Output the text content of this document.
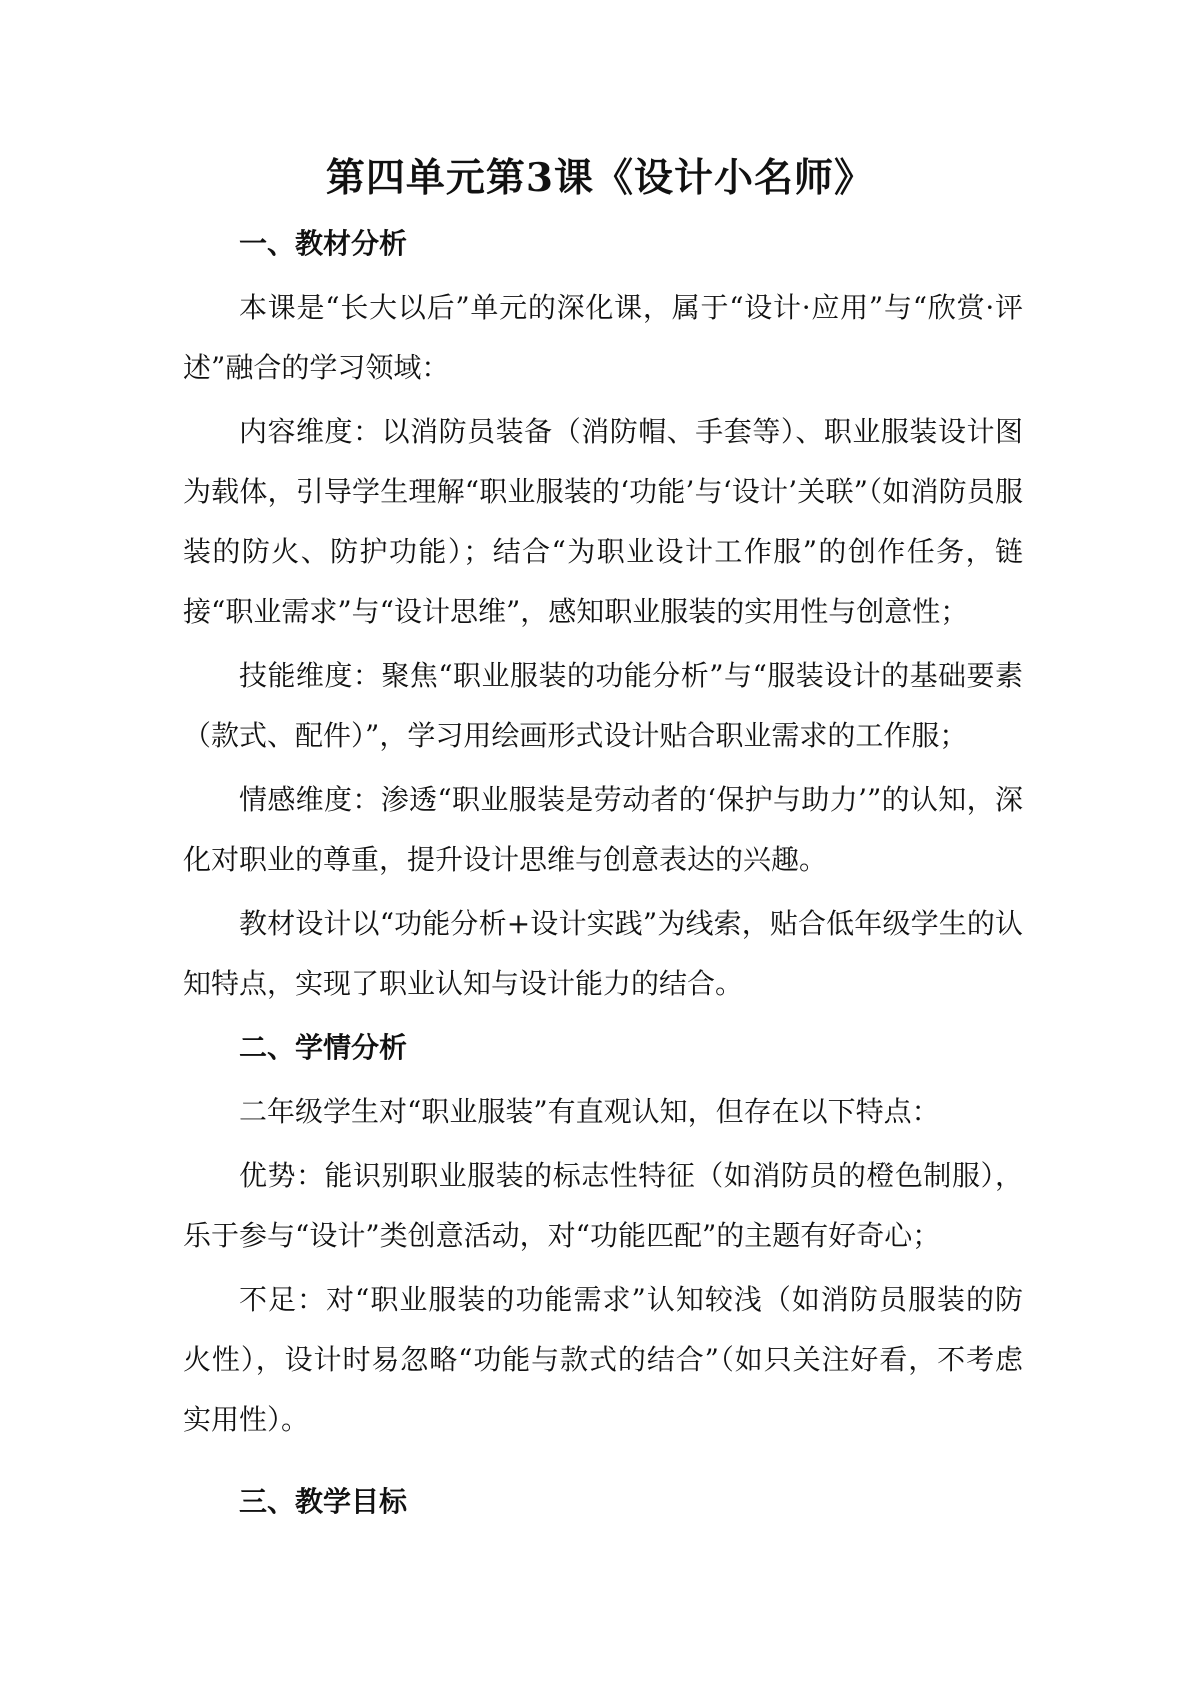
第四单元第3课《设计小名师》

一、教材分析

本课是“长大以后”单元的深化课，属于“设计·应用”与“欣赏·评述”融合的学习领域：

内容维度：以消防员装备（消防帽、手套等）、职业服装设计图为载体，引导学生理解“职业服装的‘功能’与‘设计’关联”（如消防员服装的防火、防护功能）；结合“为职业设计工作服”的创作任务，链接“职业需求”与“设计思维”，感知职业服装的实用性与创意性；

技能维度：聚焦“职业服装的功能分析”与“服装设计的基础要素（款式、配件）”，学习用绘画形式设计贴合职业需求的工作服；

情感维度：渗透“职业服装是劳动者的‘保护与助力’”的认知，深化对职业的尊重，提升设计思维与创意表达的兴趣。

教材设计以“功能分析+设计实践”为线索，贴合低年级学生的认知特点，实现了职业认知与设计能力的结合。

二、学情分析

二年级学生对“职业服装”有直观认知，但存在以下特点：

优势：能识别职业服装的标志性特征（如消防员的橙色制服），乐于参与“设计”类创意活动，对“功能匹配”的主题有好奇心；

不足：对“职业服装的功能需求”认知较浅（如消防员服装的防火性），设计时易忽略“功能与款式的结合”（如只关注好看，不考虑实用性）。

三、教学目标
